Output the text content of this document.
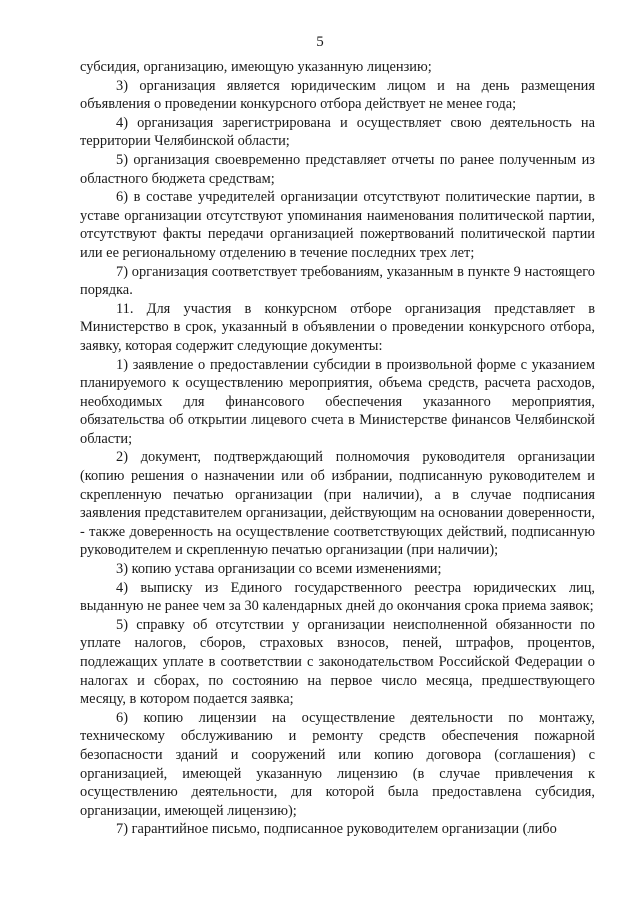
5

субсидия, организацию, имеющую указанную лицензию;

3) организация является юридическим лицом и на день размещения объявления о проведении конкурсного отбора действует не менее года;

4) организация зарегистрирована и осуществляет свою деятельность на территории Челябинской области;

5) организация своевременно представляет отчеты по ранее полученным из областного бюджета средствам;

6) в составе учредителей организации отсутствуют политические партии, в уставе организации отсутствуют упоминания наименования политической партии, отсутствуют факты передачи организацией пожертвований политической партии или ее региональному отделению в течение последних трех лет;

7) организация соответствует требованиям, указанным в пункте 9 настоящего порядка.

11. Для участия в конкурсном отборе организация представляет в Министерство в срок, указанный в объявлении о проведении конкурсного отбора, заявку, которая содержит следующие документы:

1) заявление о предоставлении субсидии в произвольной форме с указанием планируемого к осуществлению мероприятия, объема средств, расчета расходов, необходимых для финансового обеспечения указанного мероприятия, обязательства об открытии лицевого счета в Министерстве финансов Челябинской области;

2) документ, подтверждающий полномочия руководителя организации (копию решения о назначении или об избрании, подписанную руководителем и скрепленную печатью организации (при наличии), а в случае подписания заявления представителем организации, действующим на основании доверенности, - также доверенность на осуществление соответствующих действий, подписанную руководителем и скрепленную печатью организации (при наличии);

3) копию устава организации со всеми изменениями;

4) выписку из Единого государственного реестра юридических лиц, выданную не ранее чем за 30 календарных дней до окончания срока приема заявок;

5) справку об отсутствии у организации неисполненной обязанности по уплате налогов, сборов, страховых взносов, пеней, штрафов, процентов, подлежащих уплате в соответствии с законодательством Российской Федерации о налогах и сборах, по состоянию на первое число месяца, предшествующего месяцу, в котором подается заявка;

6) копию лицензии на осуществление деятельности по монтажу, техническому обслуживанию и ремонту средств обеспечения пожарной безопасности зданий и сооружений или копию договора (соглашения) с организацией, имеющей указанную лицензию (в случае привлечения к осуществлению деятельности, для которой была предоставлена субсидия, организации, имеющей лицензию);

7) гарантийное письмо, подписанное руководителем организации (либо
